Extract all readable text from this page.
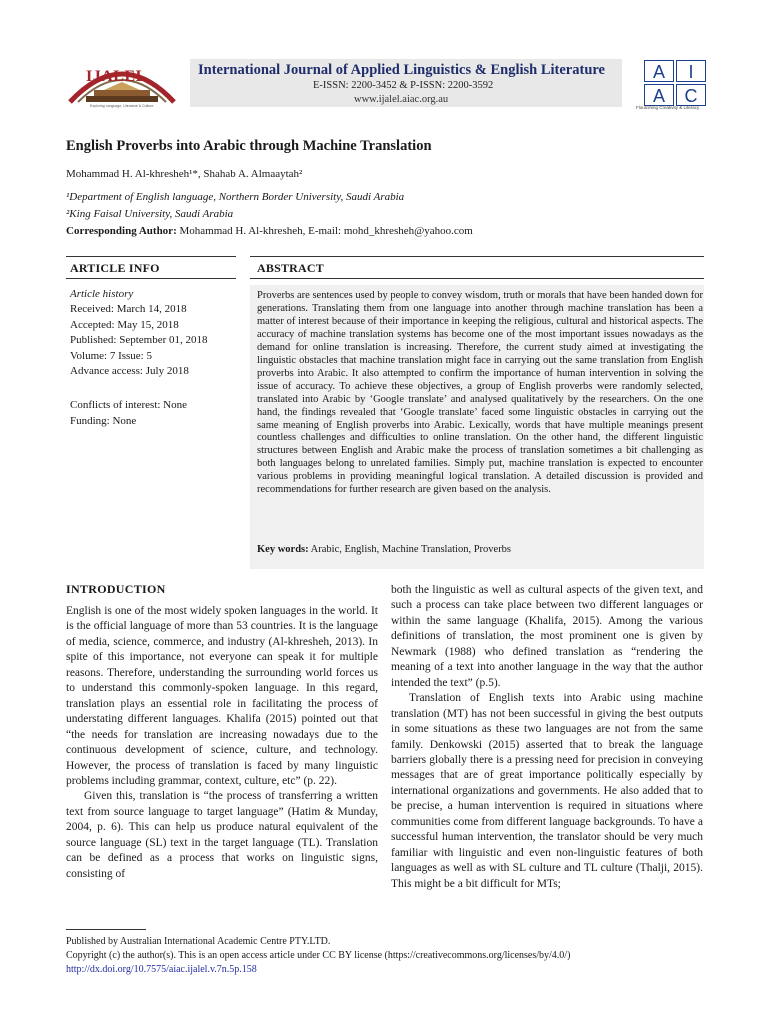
IJALEL
Exploring Language, Literature & Culture
International Journal of Applied Linguistics & English Literature
E-ISSN: 2200-3452 & P-ISSN: 2200-3592
www.ijalel.aiac.org.au
A	I
A	C
Flourishing Creativity & Literacy
English Proverbs into Arabic through Machine Translation
Mohammad H. Al-khresheh¹*, Shahab A. Almaaytah²
¹Department of English language, Northern Border University, Saudi Arabia
²King Faisal University, Saudi Arabia
Corresponding Author: Mohammad H. Al-khresheh, E-mail: mohd_khresheh@yahoo.com
ARTICLE INFO	ABSTRACT
Article history
Received: March 14, 2018
Accepted: May 15, 2018
Published: September 01, 2018
Volume: 7 Issue: 5
Advance access: July 2018
Conflicts of interest: None
Funding: None
Proverbs are sentences used by people to convey wisdom, truth or morals that have been handed down for generations. Translating them from one language into another through machine translation has been a matter of interest because of their importance in keeping the religious, cultural and historical aspects. The accuracy of machine translation systems has become one of the most important issues nowadays as the demand for online translation is increasing. Therefore, the current study aimed at investigating the linguistic obstacles that machine translation might face in carrying out the same translation from English proverbs into Arabic. It also attempted to confirm the importance of human intervention in solving the issue of accuracy. To achieve these objectives, a group of English proverbs were randomly selected, translated into Arabic by ‘Google translate’ and analysed qualitatively by the researchers. On the one hand, the findings revealed that ‘Google translate’ faced some linguistic obstacles in carrying out the same meaning of English proverbs into Arabic. Lexically, words that have multiple meanings present countless challenges and difficulties to online translation. On the other hand, the different linguistic structures between English and Arabic make the process of translation sometimes a bit challenging as both languages belong to unrelated families. Simply put, machine translation is expected to encounter various problems in providing meaningful logical translation. A detailed discussion is provided and recommendations for further research are given based on the analysis.
Key words: Arabic, English, Machine Translation, Proverbs
INTRODUCTION

English is one of the most widely spoken languages in the world. It is the official language of more than 53 countries. It is the language of media, science, commerce, and industry (Al-khresheh, 2013). In spite of this importance, not everyone can speak it for multiple reasons. Therefore, understanding the surrounding world forces us to understand this commonly-spoken language. In this regard, translation plays an essential role in facilitating the process of understating different languages. Khalifa (2015) pointed out that “the needs for translation are increasing nowadays due to the continuous development of science, culture, and technology. However, the process of translation is faced by many linguistic problems including grammar, context, culture, etc” (p. 22).

Given this, translation is “the process of transferring a written text from source language to target language” (Hatim & Munday, 2004, p. 6). This can help us produce natural equivalent of the source language (SL) text in the target language (TL). Translation can be defined as a process that works on linguistic signs, consisting of

both the linguistic as well as cultural aspects of the given text, and such a process can take place between two different languages or within the same language (Khalifa, 2015). Among the various definitions of translation, the most prominent one is given by Newmark (1988) who defined translation as “rendering the meaning of a text into another language in the way that the author intended the text” (p.5).

Translation of English texts into Arabic using machine translation (MT) has not been successful in giving the best outputs in some situations as these two languages are not from the same family. Denkowski (2015) asserted that to break the language barriers globally there is a pressing need for precision in conveying messages that are of great importance politically especially by international organizations and governments. He also added that to be precise, a human intervention is required in situations where communities come from different language backgrounds. To have a successful human intervention, the translator should be very much familiar with linguistic and even non-linguistic features of both languages as well as with SL culture and TL culture (Thalji, 2015). This might be a bit difficult for MTs;

Published by Australian International Academic Centre PTY.LTD.
Copyright (c) the author(s). This is an open access article under CC BY license (https://creativecommons.org/licenses/by/4.0/)
http://dx.doi.org/10.7575/aiac.ijalel.v.7n.5p.158
